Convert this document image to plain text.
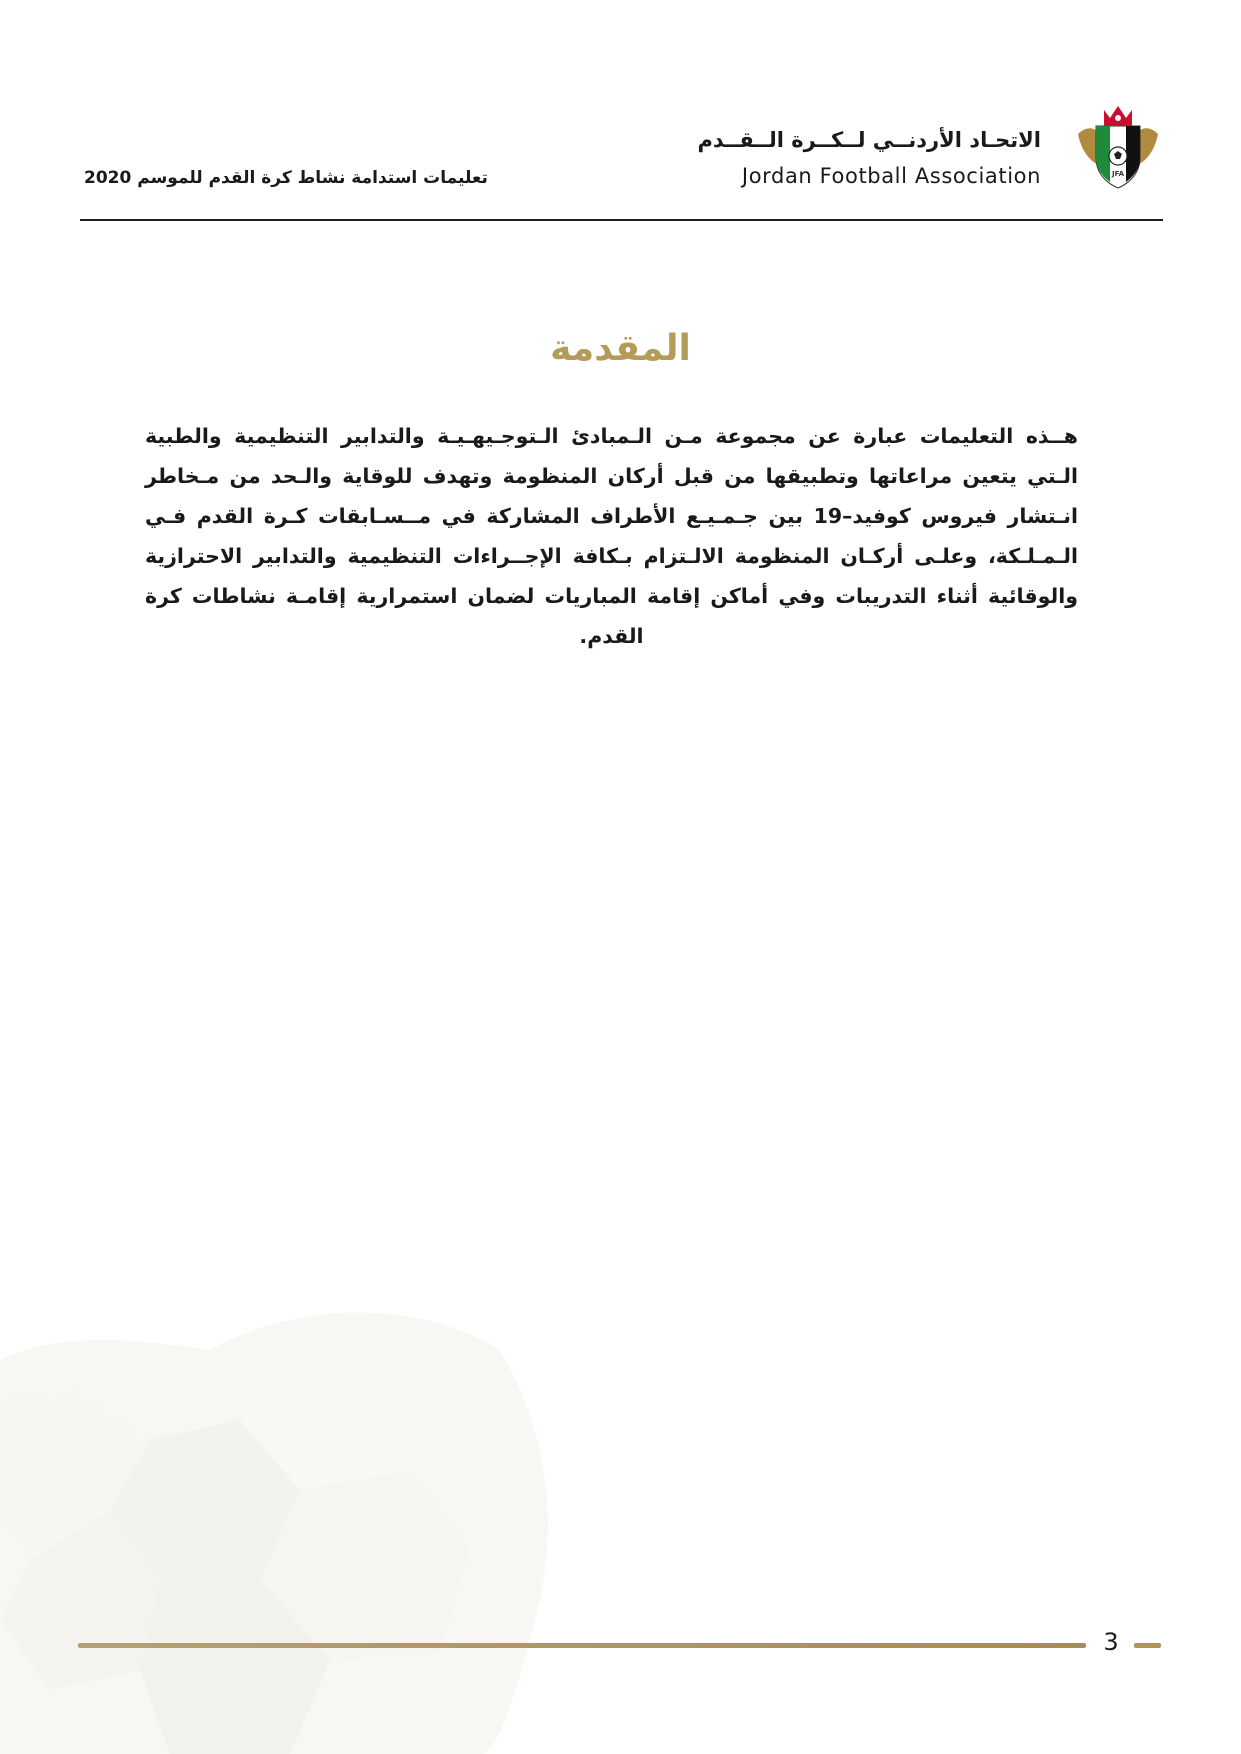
JFA
الاتحـاد الأردنــي لــكــرة الــقــدم
Jordan Football Association
تعليمات استدامة نشاط كرة القدم للموسم 2020
المقدمة

هــذه التعليمات عبارة عن مجموعة مـن الـمبادئ الـتوجـيهـيـة والتدابير التنظيمية والطبية الـتي يتعين مراعاتها وتطبيقها من قبل أركان المنظومة وتهدف للوقاية والـحد من مـخاطر انـتشار فيروس كوفيد–19 بين جـمـيـع الأطراف المشاركة في مــسـابقات كـرة القدم فـي الـمـلـكة، وعلـى أركـان المنظومة الالـتزام بـكافة الإجــراءات التنظيمية والتدابير الاحترازية والوقائية أثناء التدريبات وفي أماكن إقامة المباريات لضمان استمرارية إقامـة نشاطات كرة القدم.

3
